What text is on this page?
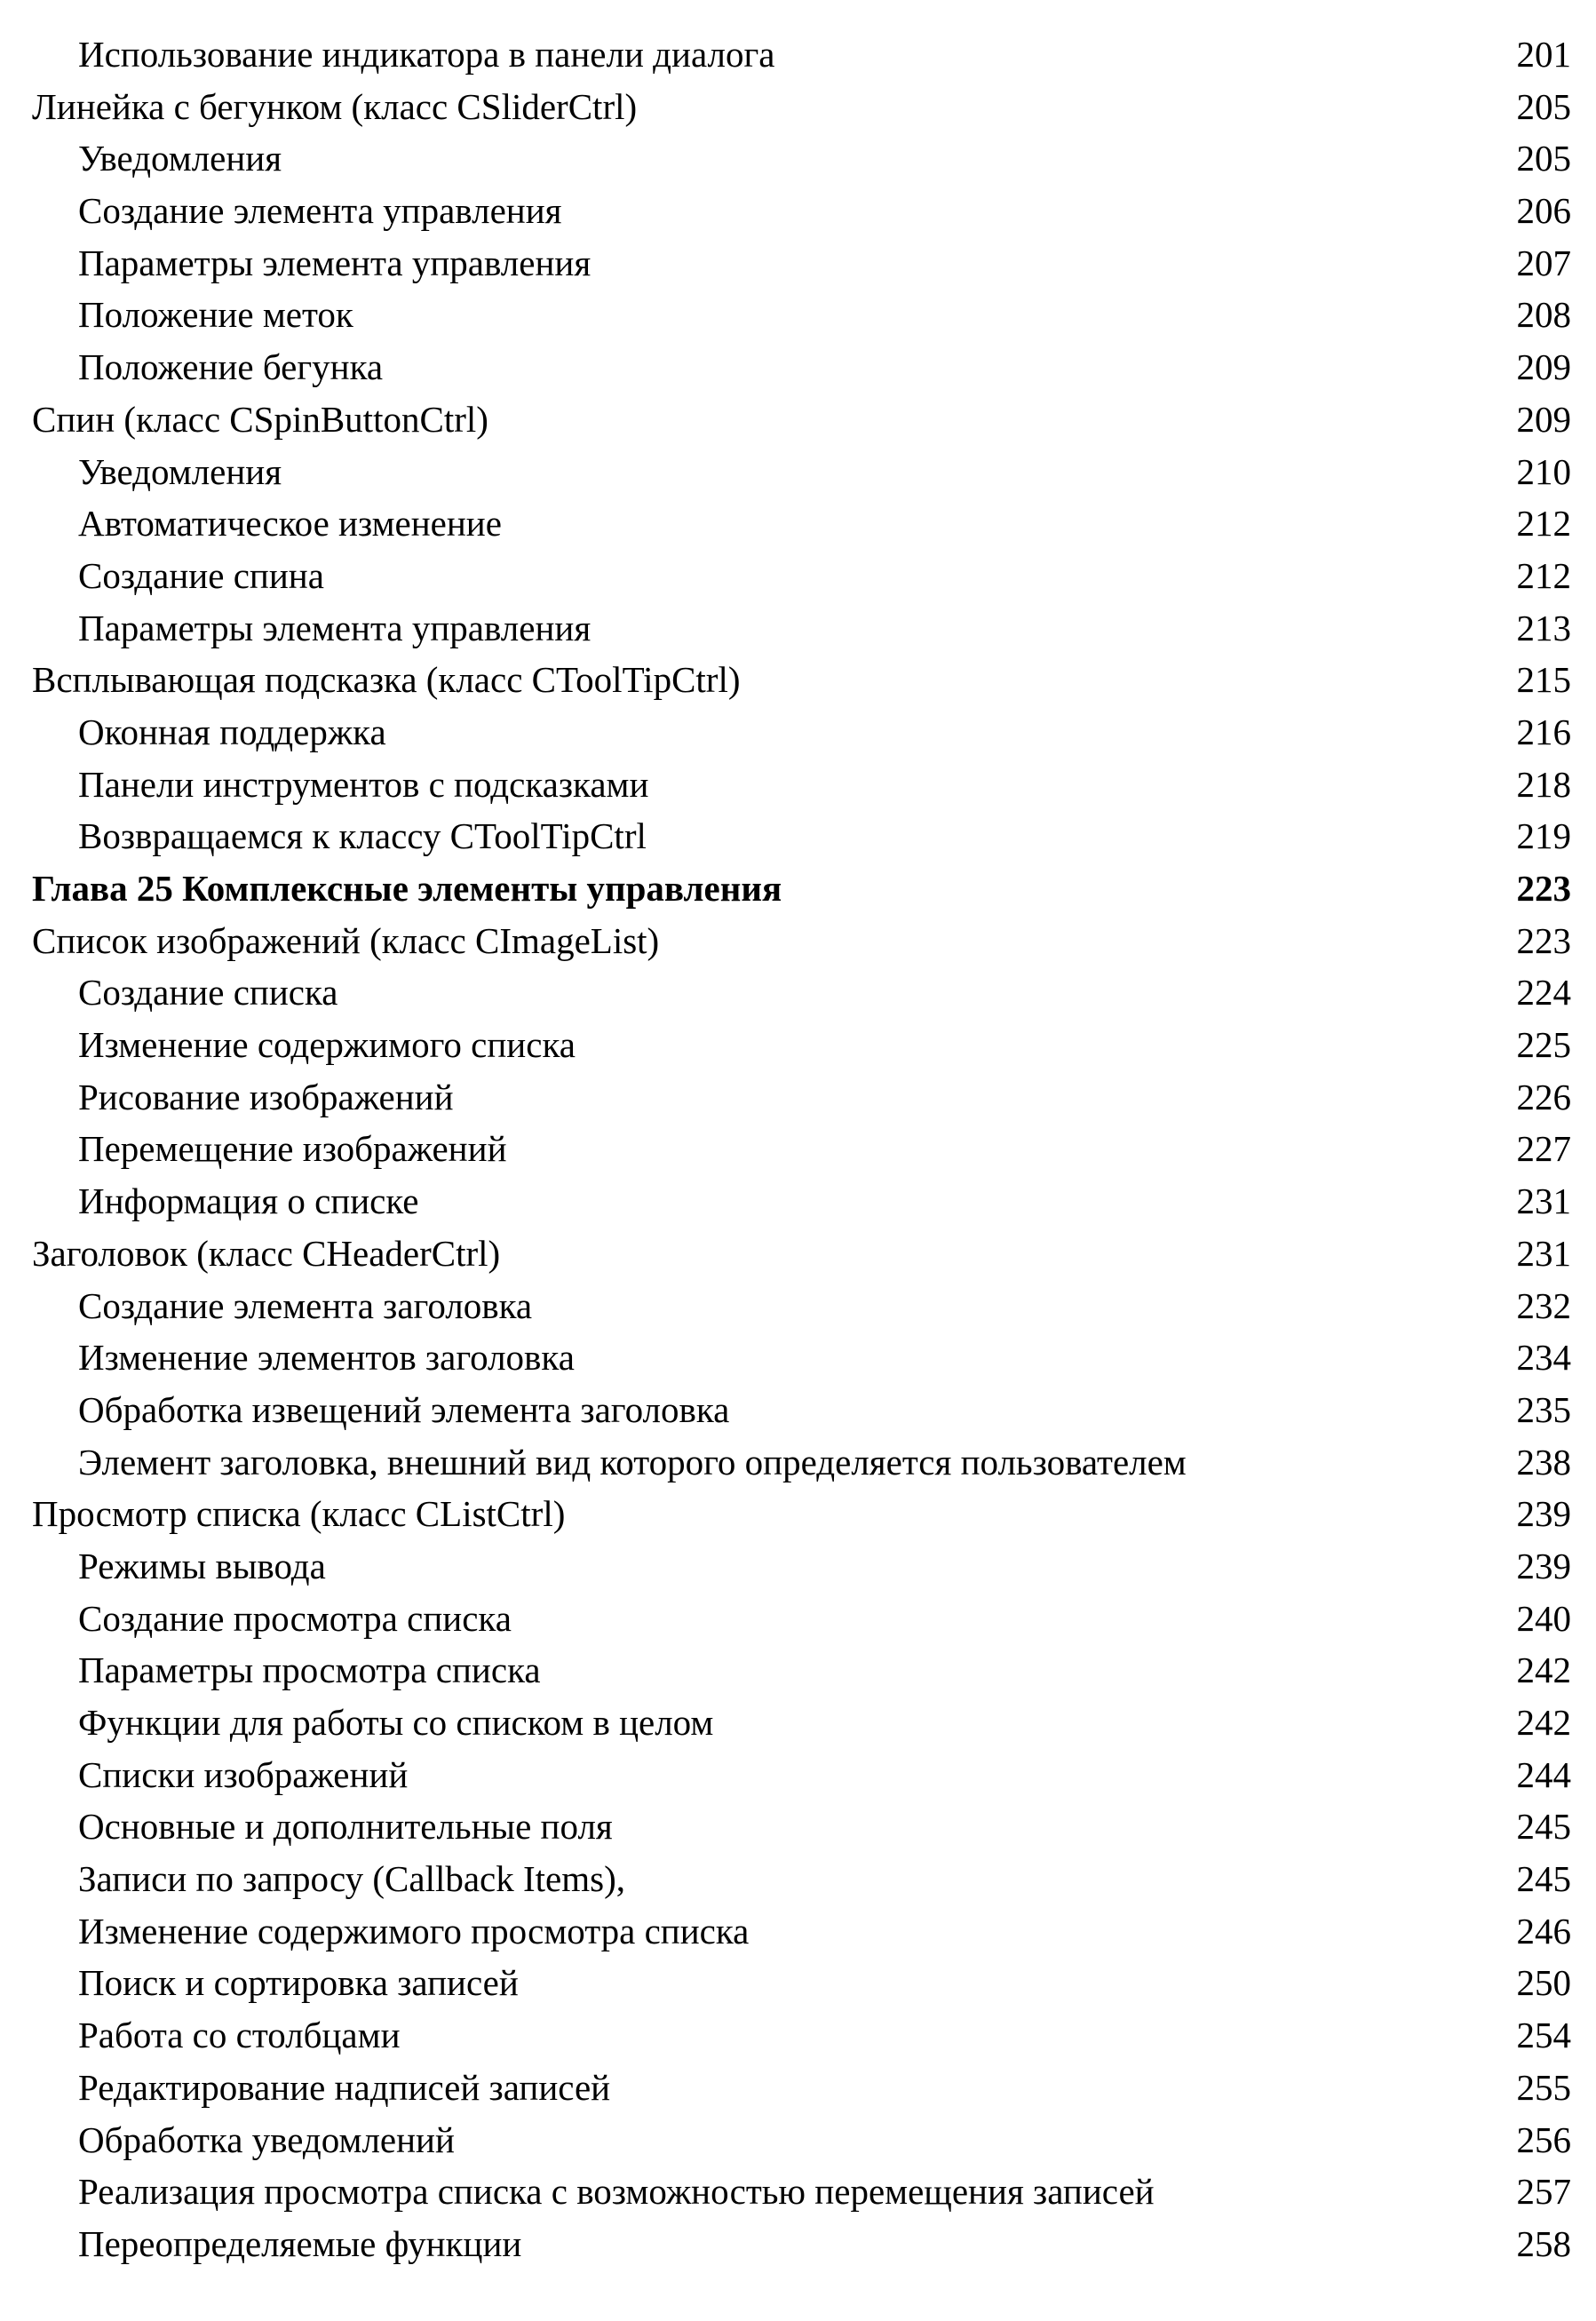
Использование индикатора в панели диалога	201
Линейка с бегунком (класс CSliderCtrl)	205
Уведомления	205
Создание элемента управления	206
Параметры элемента управления	207
Положение меток	208
Положение бегунка	209
Спин (класс CSpinButtonCtrl)	209
Уведомления	210
Автоматическое изменение	212
Создание спина	212
Параметры элемента управления	213
Всплывающая подсказка (класс CToolTipCtrl)	215
Оконная поддержка	216
Панели инструментов с подсказками	218
Возвращаемся к классу CToolTipCtrl	219
Глава 25 Комплексные элементы управления	223
Список изображений (класс CImageList)	223
Создание списка	224
Изменение содержимого списка	225
Рисование изображений	226
Перемещение изображений	227
Информация о списке	231
Заголовок (класс CHeaderCtrl)	231
Создание элемента заголовка	232
Изменение элементов заголовка	234
Обработка извещений элемента заголовка	235
Элемент заголовка, внешний вид которого определяется пользователем	238
Просмотр списка (класс CListCtrl)	239
Режимы вывода	239
Создание просмотра списка	240
Параметры просмотра списка	242
Функции для работы со списком в целом	242
Списки изображений	244
Основные и дополнительные поля	245
Записи по запросу (Callback Items),	245
Изменение содержимого просмотра списка	246
Поиск и сортировка записей	250
Работа со столбцами	254
Редактирование надписей записей	255
Обработка уведомлений	256
Реализация просмотра списка с возможностью перемещения записей	257
Переопределяемые функции	258
